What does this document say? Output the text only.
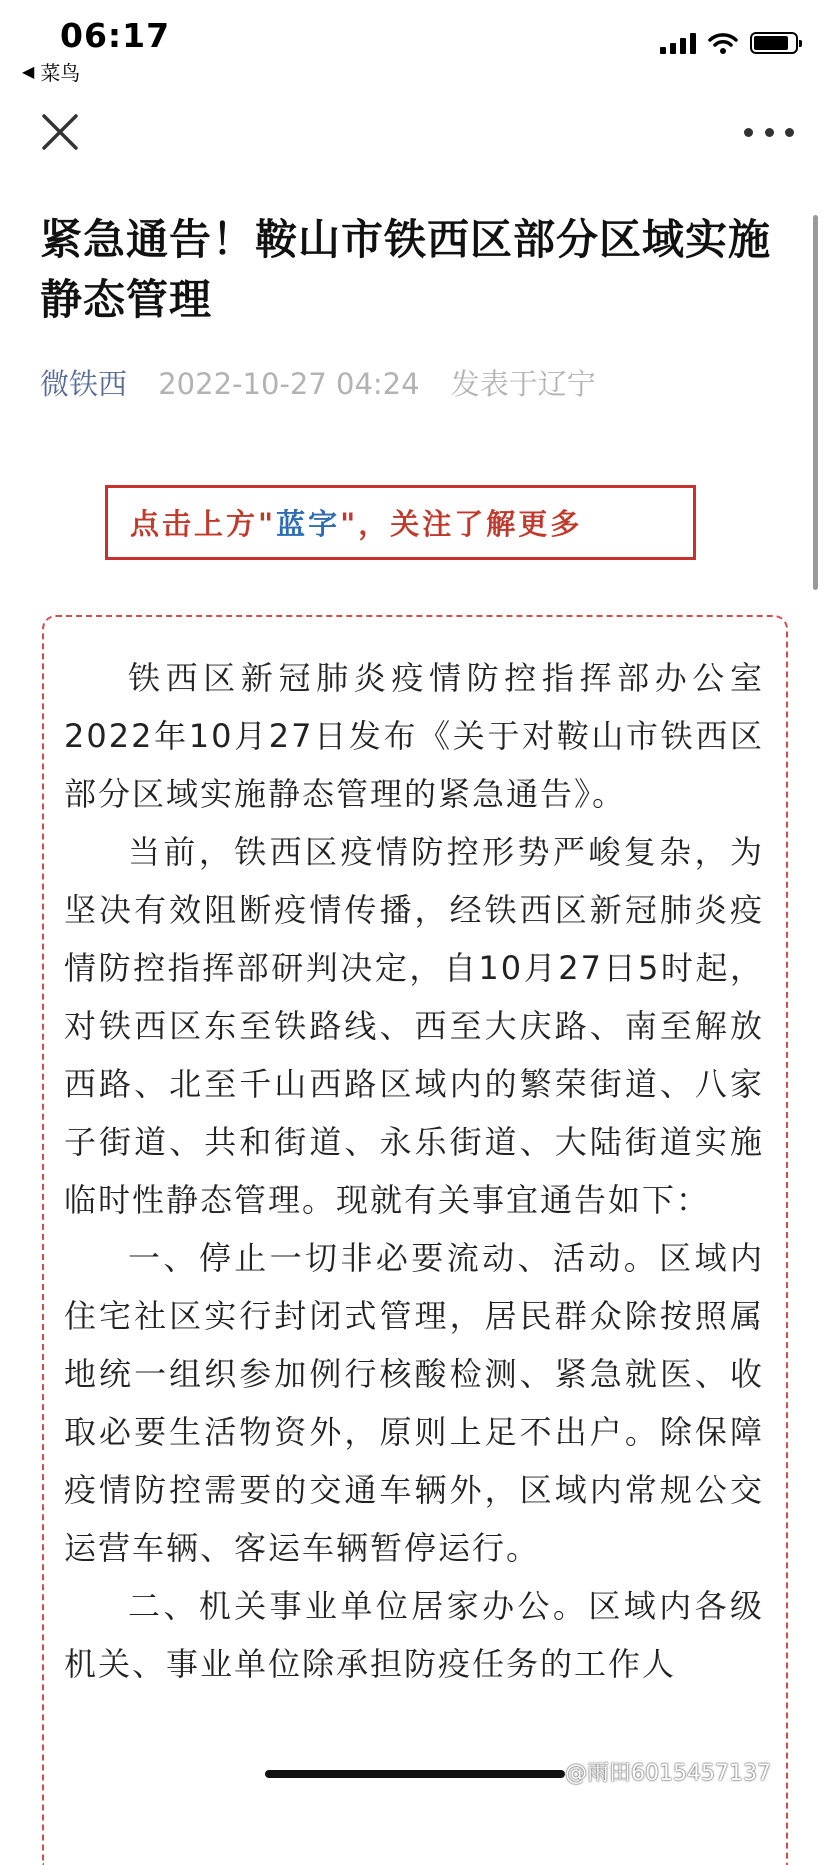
06:17
◀ 菜鸟
紧急通告！鞍山市铁西区部分区域实施静态管理
微铁西 2022-10-27 04:24 发表于辽宁
点击上方" 蓝字 "，关注了解更多

铁西区新冠肺炎疫情防控指挥部办公室2022年10月27日发布《关于对鞍山市铁西区部分区域实施静态管理的紧急通告》。

当前，铁西区疫情防控形势严峻复杂，为坚决有效阻断疫情传播，经铁西区新冠肺炎疫情防控指挥部研判决定，自10月27日5时起，对铁西区东至铁路线、西至大庆路、南至解放西路、北至千山西路区域内的繁荣街道、八家子街道、共和街道、永乐街道、大陆街道实施临时性静态管理。现就有关事宜通告如下：

一、停止一切非必要流动、活动。区域内住宅社区实行封闭式管理，居民群众除按照属地统一组织参加例行核酸检测、紧急就医、收取必要生活物资外，原则上足不出户。除保障疫情防控需要的交通车辆外，区域内常规公交运营车辆、客运车辆暂停运行。

二、机关事业单位居家办公。区域内各级机关、事业单位除承担防疫任务的工作人

@雨田6015457137
